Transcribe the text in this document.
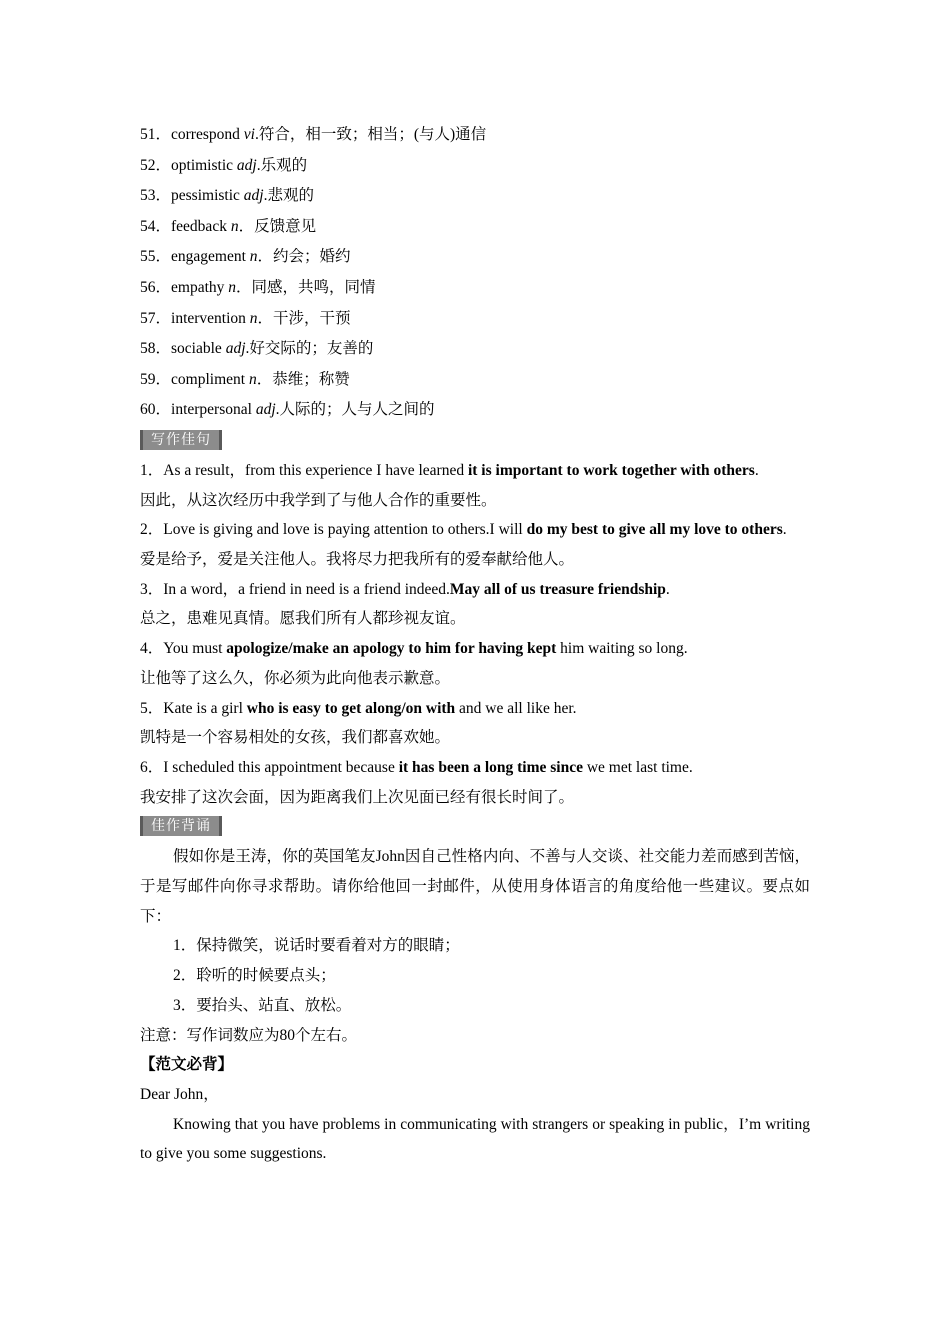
51．correspond vi.符合，相一致；相当；(与人)通信
52．optimistic adj.乐观的
53．pessimistic adj.悲观的
54．feedback n．反馈意见
55．engagement n．约会；婚约
56．empathy n．同感，共鸣，同情
57．intervention n．干涉，干预
58．sociable adj.好交际的；友善的
59．compliment n．恭维；称赞
60．interpersonal adj.人际的；人与人之间的
写作佳句
1．As a result，from this experience I have learned it is important to work together with others.
因此，从这次经历中我学到了与他人合作的重要性。
2．Love is giving and love is paying attention to others.I will do my best to give all my love to others.
爱是给予，爱是关注他人。我将尽力把我所有的爱奉献给他人。
3．In a word，a friend in need is a friend indeed.May all of us treasure friendship.
总之，患难见真情。愿我们所有人都珍视友谊。
4．You must apologize/make an apology to him for having kept him waiting so long.
让他等了这么久，你必须为此向他表示歉意。
5．Kate is a girl who is easy to get along/on with and we all like her.
凯特是一个容易相处的女孩，我们都喜欢她。
6．I scheduled this appointment because it has been a long time since we met last time.
我安排了这次会面，因为距离我们上次见面已经有很长时间了。
佳作背诵
假如你是王涛，你的英国笔友John因自己性格内向、不善与人交谈、社交能力差而感到苦恼，于是写邮件向你寻求帮助。请你给他回一封邮件，从使用身体语言的角度给他一些建议。要点如下：
1．保持微笑，说话时要看着对方的眼睛；
2．聆听的时候要点头；
3．要抬头、站直、放松。
注意：写作词数应为80个左右。
【范文必背】
Dear John，
Knowing that you have problems in communicating with strangers or speaking in public，I’m writing to give you some suggestions.
